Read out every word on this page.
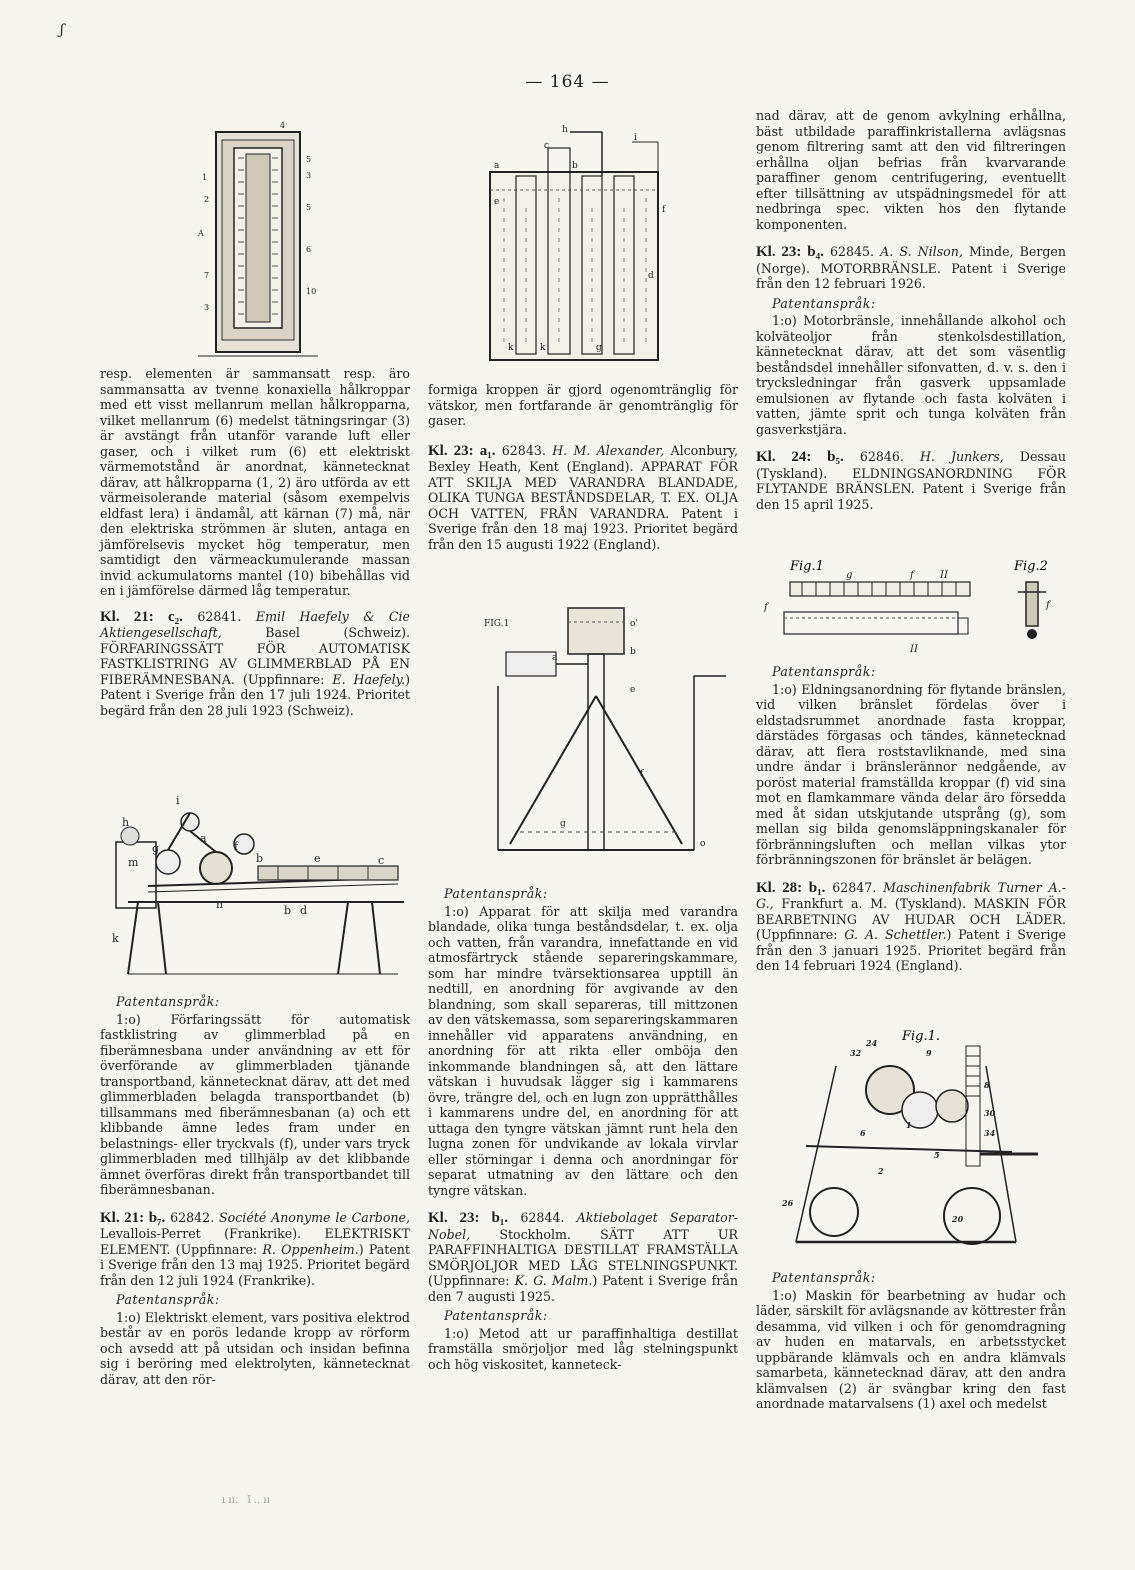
ʃ
— 164 —
4
1
2
A
5
3
5
6
7
3
10
h
i
a
m
g	f
b	e	c
n	b d
k
h
c
i
a	b
e
f
g
d
k	k
FIG.1	o'
a
b
e
f
g
o
Fig.1	Fig.2
g
f
f
II
II
f
Fig.1.
32
24
9
8
30
34
20
26
1
5
2
6

resp. elementen är sammansatt resp. äro sammansatta av tvenne konaxiella hålkroppar med ett visst mellanrum mellan hålkropparna, vilket mellanrum (6) medelst tätningsringar (3) är avstängt från utanför varande luft eller gaser, och i vilket rum (6) ett elektriskt värmemotstånd är anordnat, kännetecknat därav, att hålkropparna (1, 2) äro utförda av ett värmeisolerande material (såsom exempelvis eldfast lera) i ändamål, att kärnan (7) må, när den elektriska strömmen är sluten, antaga en jämförelsevis mycket hög temperatur, men samtidigt den värmeackumulerande massan invid ackumulatorns mantel (10) bibehållas vid en i jämförelse därmed låg temperatur.

Kl. 21: c₂. 62841. Emil Haefely & Cie Aktiengesellschaft,	Basel (Schweiz). FÖRFARINGSSÄTT FÖR AUTOMATISK FASTKLISTRING AV GLIMMERBLAD PÅ EN FIBERÄMNESBANA. (Uppfinnare: E. Haefely.) Patent i Sverige från den 17 juli 1924. Prioritet begärd från den 28 juli 1923 (Schweiz).

Patentanspråk:

1:o) Förfaringssätt för automatisk fastklistring av glimmerblad på en fiberämnesbana under användning av ett för överförande av glimmerbladen tjänande transportband, kännetecknat därav, att det med glimmerbladen belagda transportbandet (b) tillsammans med fiberämnesbanan (a) och ett klibbande ämne ledes fram under en belastnings- eller tryckvals (f), under vars tryck glimmerbladen med tillhjälp av det klibbande ämnet överföras direkt från transportbandet till fiberämnesbanan.

Kl. 21: b₇. 62842. Société Anonyme le Carbone, Levallois-Perret (Frankrike). ELEKTRISKT ELEMENT. (Uppfinnare: R. Oppenheim.) Patent i Sverige från den 13 maj 1925. Prioritet begärd från den 12 juli 1924 (Frankrike).

Patentanspråk:

1:o) Elektriskt element, vars positiva elektrod består av en porös ledande kropp av rörform och avsedd att på utsidan och insidan befinna sig i beröring med elektrolyten, kännetecknat därav, att den rör-

formiga kroppen är gjord ogenomtränglig för vätskor, men fortfarande är genomtränglig för gaser.

Kl. 23: a₁. 62843. H. M. Alexander, Alconbury, Bexley Heath, Kent (England). APPARAT FÖR ATT SKILJA MED VARANDRA BLANDADE, OLIKA TUNGA BESTÅNDSDELAR, T. EX. OLJA OCH VATTEN, FRÅN VARANDRA. Patent i Sverige från den 18 maj 1923. Prioritet begärd från den 15 augusti 1922 (England).

Patentanspråk:

1:o) Apparat för att skilja med varandra blandade, olika tunga beståndsdelar, t. ex. olja och vatten, från varandra, innefattande en vid atmosfärtryck stående separeringskammare, som har mindre tvärsektionsarea upptill än nedtill, en anordning för avgivande av den blandning, som skall separeras, till mittzonen av den vätskemassa, som separeringskammaren innehåller vid apparatens användning, en anordning för att rikta eller omböja den inkommande blandningen så, att den lättare vätskan i huvudsak lägger sig i kammarens övre, trängre del, och en lugn zon upprätthålles i kammarens undre del, en anordning för att uttaga den tyngre vätskan jämnt runt hela den lugna zonen för undvikande av lokala virvlar eller störningar i denna och anordningar för separat utmatning av den lättare och den tyngre vätskan.

Kl. 23: b₁. 62844. Aktiebolaget Separator-Nobel, Stockholm. SÄTT ATT UR PARAFFINHALTIGA DESTILLAT FRAMSTÄLLA SMÖRJOLJOR MED LÅG STELNINGSPUNKT. (Uppfinnare: K. G. Malm.) Patent i Sverige från den 7 augusti 1925.

Patentanspråk:

1:o) Metod att ur paraffinhaltiga destillat framställa smörjoljor med låg stelningspunkt och hög viskositet, kanneteck-

nad därav, att de genom avkylning erhållna, bäst utbildade paraffinkristallerna avlägsnas genom filtrering samt att den vid filtreringen erhållna oljan befrias från kvarvarande paraffiner genom centrifugering, eventuellt efter tillsättning av utspädningsmedel för att nedbringa spec. vikten hos den flytande komponenten.

Kl. 23: b₄. 62845. A. S. Nilson, Minde, Bergen (Norge). MOTORBRÄNSLE. Patent i Sverige från den 12 februari 1926.

Patentanspråk:

1:o) Motorbränsle, innehållande alkohol och kolväteoljor från stenkolsdestillation, kännetecknat därav, att det som väsentlig beståndsdel innehåller sifonvatten, d. v. s. den i trycksledningar från gasverk uppsamlade emulsionen av flytande och fasta kolväten i vatten, jämte sprit och tunga kolväten från gasverkstjära.

Kl. 24: b₅. 62846. H. Junkers, Dessau (Tyskland). ELDNINGSANORDNING FÖR FLYTANDE BRÄNSLEN. Patent i Sverige från den 15 april 1925.

Patentanspråk:

1:o) Eldningsanordning för flytande bränslen, vid vilken bränslet fördelas över i eldstadsrummet anordnade fasta kroppar, därstädes förgasas och tändes, kännetecknad därav, att flera roststavliknande, med sina undre ändar i bränslerännor nedgående, av poröst material framställda kroppar (f) vid sina mot en flamkammare vända delar äro försedda med åt sidan utskjutande utsprång (g), som mellan sig bilda genomsläppningskanaler för förbränningsluften och mellan vilkas ytor förbränningszonen för bränslet är belägen.

Kl. 28: b₁. 62847. Maschinenfabrik Turner A.-G., Frankfurt a. M. (Tyskland). MASKIN FÖR BEARBETNING AV HUDAR OCH LÄDER. (Uppfinnare: G. A. Schettler.) Patent i Sverige från den 3 januari 1925. Prioritet begärd från den 14 februari 1924 (England).

Patentanspråk:

1:o) Maskin för bearbetning av hudar och läder, särskilt för avlägsnande av köttrester från desamma, vid vilken i och för genomdragning av huden en matarvals, en arbetsstycket uppbärande klämvals och en andra klämvals samarbeta, kännetecknad därav, att den andra klämvalsen (2) är svängbar kring den fast anordnade matarvalsens (1) axel och medelst

ı ıı.   ǐ .. ıı
